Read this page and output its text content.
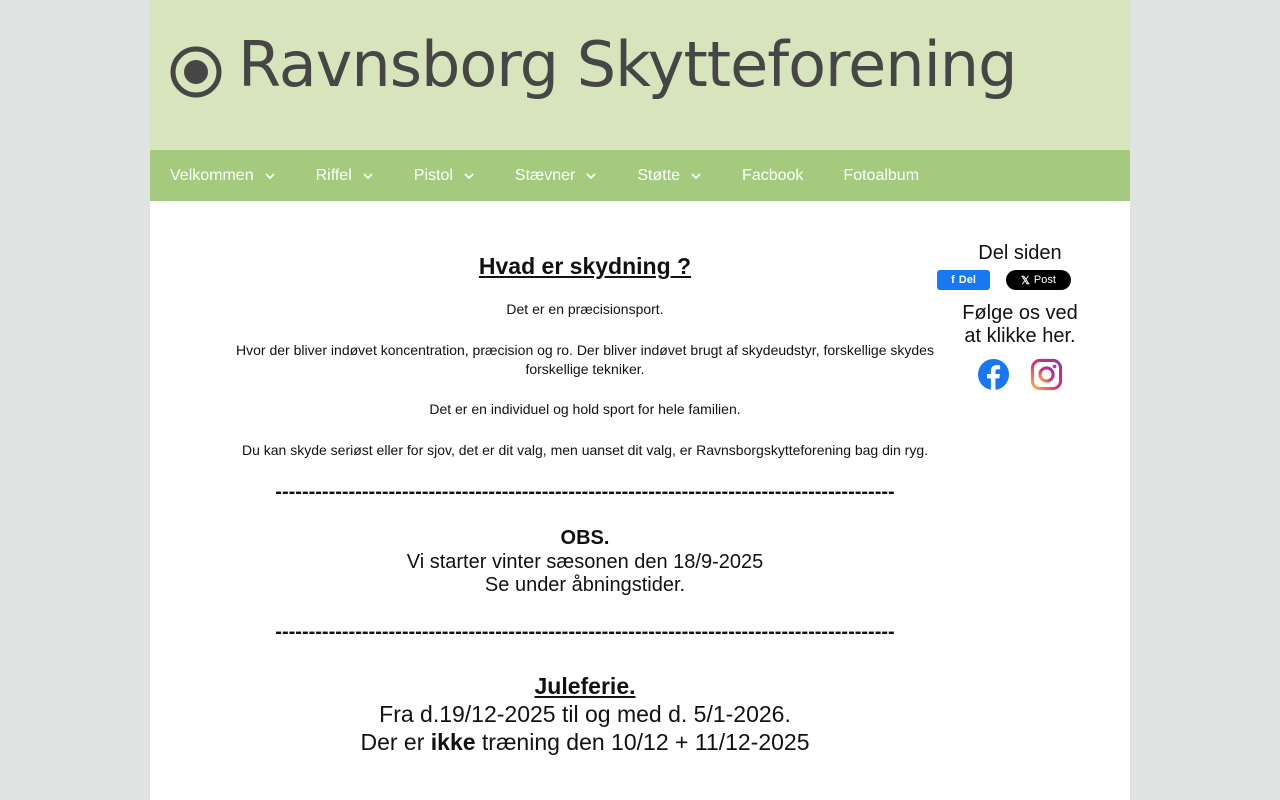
Ravnsborg Skytteforening
Velkommen	Riffel	Pistol	Stævner	Støtte	Facbook	Fotoalbum

Hvad er skydning ?

Det er en præcisionsport.

Hvor der bliver indøvet koncentration, præcision og ro. Der bliver indøvet brugt af skydeudstyr, forskellige skydes forskellige tekniker.

Det er en individuel og hold sport for hele familien.

Du kan skyde seriøst eller for sjov, det er dit valg, men uanset dit valg, er Ravnsborgskytteforening bag din ryg.

---------------------------------------------------------------------------------------------

OBS.

Vi starter vinter sæsonen den 18/9-2025

Se under åbningstider.

---------------------------------------------------------------------------------------------

Juleferie.

Fra d.19/12-2025 til og med d. 5/1-2026.

Der er ikke træning den 10/12 + 11/12-2025

Del siden

f Del	𝕏 Post

Følge os ved
at klikke her.
